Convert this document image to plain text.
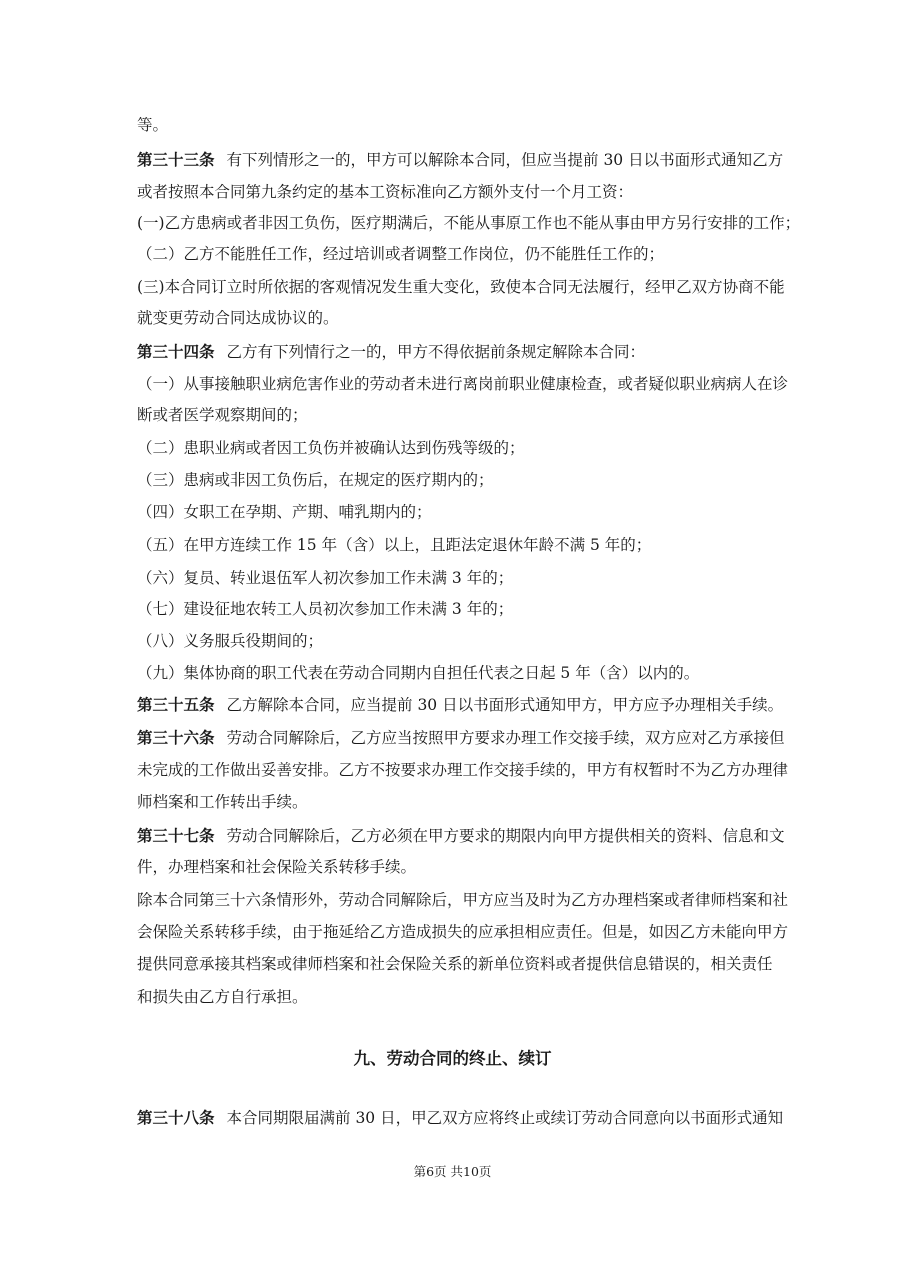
等。
第三十三条 有下列情形之一的，甲方可以解除本合同，但应当提前 30 日以书面形式通知乙方
或者按照本合同第九条约定的基本工资标准向乙方额外支付一个月工资：
(一)乙方患病或者非因工负伤，医疗期满后，不能从事原工作也不能从事由甲方另行安排的工作；
（二）乙方不能胜任工作，经过培训或者调整工作岗位，仍不能胜任工作的；
(三)本合同订立时所依据的客观情况发生重大变化，致使本合同无法履行，经甲乙双方协商不能
就变更劳动合同达成协议的。
第三十四条 乙方有下列情行之一的，甲方不得依据前条规定解除本合同：
（一）从事接触职业病危害作业的劳动者未进行离岗前职业健康检查，或者疑似职业病病人在诊
断或者医学观察期间的；
（二）患职业病或者因工负伤并被确认达到伤残等级的；
（三）患病或非因工负伤后，在规定的医疗期内的；
（四）女职工在孕期、产期、哺乳期内的；
（五）在甲方连续工作 15 年（含）以上，且距法定退休年龄不满 5 年的；
（六）复员、转业退伍军人初次参加工作未满 3 年的；
（七）建设征地农转工人员初次参加工作未满 3 年的；
（八）义务服兵役期间的；
（九）集体协商的职工代表在劳动合同期内自担任代表之日起 5 年（含）以内的。
第三十五条 乙方解除本合同，应当提前 30 日以书面形式通知甲方，甲方应予办理相关手续。
第三十六条 劳动合同解除后，乙方应当按照甲方要求办理工作交接手续，双方应对乙方承接但
未完成的工作做出妥善安排。乙方不按要求办理工作交接手续的，甲方有权暂时不为乙方办理律
师档案和工作转出手续。
第三十七条 劳动合同解除后，乙方必须在甲方要求的期限内向甲方提供相关的资料、信息和文
件，办理档案和社会保险关系转移手续。
除本合同第三十六条情形外，劳动合同解除后，甲方应当及时为乙方办理档案或者律师档案和社
会保险关系转移手续，由于拖延给乙方造成损失的应承担相应责任。但是，如因乙方未能向甲方
提供同意承接其档案或律师档案和社会保险关系的新单位资料或者提供信息错误的，相关责任
和损失由乙方自行承担。
九、劳动合同的终止、续订
第三十八条 本合同期限届满前 30 日，甲乙双方应将终止或续订劳动合同意向以书面形式通知
第6页 共10页
